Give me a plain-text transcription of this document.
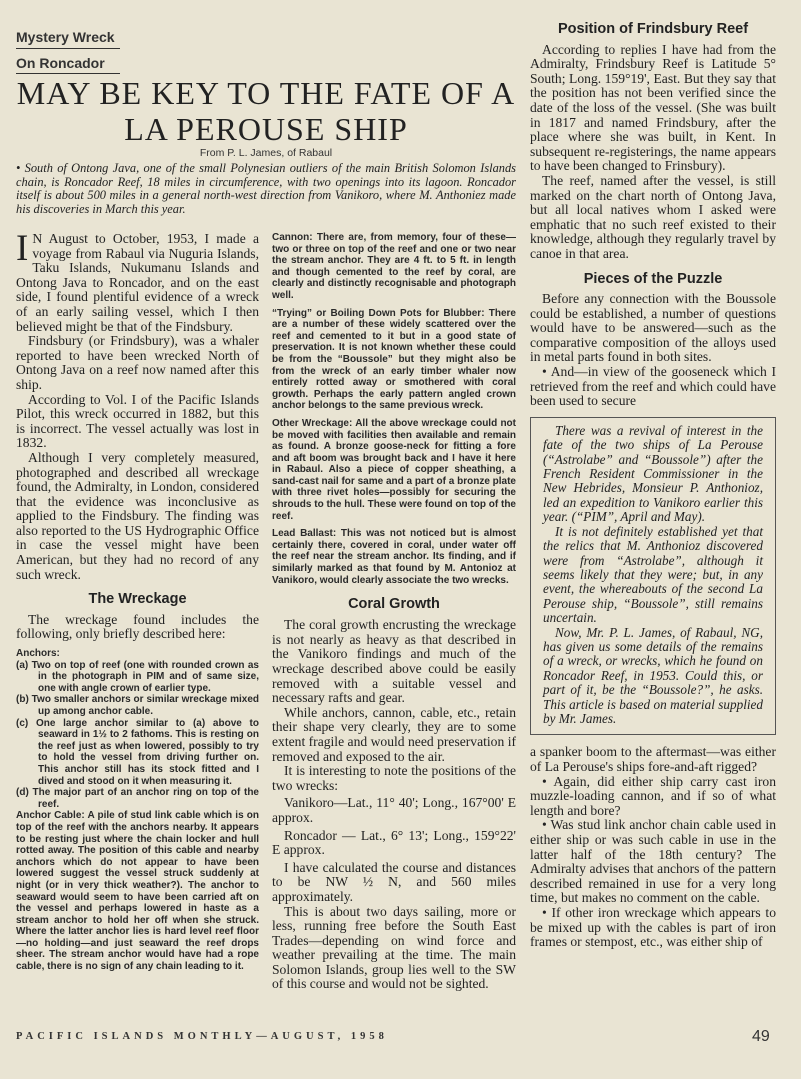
Mystery Wreck
On Roncador
MAY BE KEY TO THE FATE OF A LA PEROUSE SHIP
From P. L. James, of Rabaul

• South of Ontong Java, one of the small Polynesian outliers of the main British Solomon Islands chain, is Roncador Reef, 18 miles in circumference, with two openings into its lagoon. Roncador itself is about 500 miles in a general north-west direction from Vanikoro, where M. Anthoniez made his discoveries in March this year.

I N August to October, 1953, I made a voyage from Rabaul via Nuguria Islands, Taku Islands, Nukumanu Islands and Ontong Java to Roncador, and on the east side, I found plentiful evidence of a wreck of an early sailing vessel, which I then believed might be that of the Findsbury.

Findsbury (or Frindsbury), was a whaler reported to have been wrecked North of Ontong Java on a reef now named after this ship.

According to Vol. I of the Pacific Islands Pilot, this wreck occurred in 1882, but this is incorrect. The vessel actually was lost in 1832.

Although I very completely measured, photographed and described all wreckage found, the Admiralty, in London, considered that the evidence was inconclusive as applied to the Findsbury. The finding was also reported to the US Hydrographic Office in case the vessel might have been American, but they had no record of any such wreck.

The Wreckage

The wreckage found includes the following, only briefly described here:

Anchors:
(a) Two on top of reef (one with rounded crown as in the photograph in PIM and of same size, one with angle crown of earlier type.
(b) Two smaller anchors or similar wreckage mixed up among anchor cable.
(c) One large anchor similar to (a) above to seaward in 1½ to 2 fathoms. This is resting on the reef just as when lowered, possibly to try to hold the vessel from driving further on. This anchor still has its stock fitted and I dived and stood on it when measuring it.
(d) The major part of an anchor ring on top of the reef.
Anchor Cable: A pile of stud link cable which is on top of the reef with the anchors nearby. It appears to be resting just where the chain locker and hull rotted away. The position of this cable and nearby anchors which do not appear to have been lowered suggest the vessel struck suddenly at night (or in very thick weather?). The anchor to seaward would seem to have been carried aft on the vessel and perhaps lowered in haste as a stream anchor to hold her off when she struck. Where the latter anchor lies is hard level reef floor—no holding—and just seaward the reef drops sheer. The stream anchor would have had a rope cable, there is no sign of any chain leading to it.
Cannon: There are, from memory, four of these—two or three on top of the reef and one or two near the stream anchor. They are 4 ft. to 5 ft. in length and though cemented to the reef by coral, are clearly and distinctly recognisable and photograph well.
“Trying” or Boiling Down Pots for Blubber: There are a number of these widely scattered over the reef and cemented to it but in a good state of preservation. It is not known whether these could be from the “Boussole” but they might also be from the wreck of an early timber whaler now entirely rotted away or smothered with coral growth. Perhaps the early pattern angled crown anchor belongs to the same previous wreck.
Other Wreckage: All the above wreckage could not be moved with facilities then available and remain as found. A bronze goose-neck for fitting a fore and aft boom was brought back and I have it here in Rabaul. Also a piece of copper sheathing, a sand-cast nail for same and a part of a bronze plate with three rivet holes—possibly for securing the shrouds to the hull. These were found on top of the reef.
Lead Ballast: This was not noticed but is almost certainly there, covered in coral, under water off the reef near the stream anchor. Its finding, and if similarly marked as that found by M. Antonioz at Vanikoro, would clearly associate the two wrecks.
Coral Growth

The coral growth encrusting the wreckage is not nearly as heavy as that described in the Vanikoro findings and much of the wreckage described above could be easily removed with a suitable vessel and necessary rafts and gear.

While anchors, cannon, cable, etc., retain their shape very clearly, they are to some extent fragile and would need preservation if removed and exposed to the air.

It is interesting to note the positions of the two wrecks:

Vanikoro—Lat., 11° 40'; Long., 167°00' E approx.

Roncador — Lat., 6° 13'; Long., 159°22' E approx.

I have calculated the course and distances to be NW ½ N, and 560 miles approximately.

This is about two days sailing, more or less, running free before the South East Trades—depending on wind force and weather prevailing at the time. The main Solomon Islands, group lies well to the SW of this course and would not be sighted.

Position of Frindsbury Reef

According to replies I have had from the Admiralty, Frindsbury Reef is Latitude 5° South; Long. 159°19', East. But they say that the position has not been verified since the date of the loss of the vessel. (She was built in 1817 and named Frindsbury, after the place where she was built, in Kent. In subsequent re-registerings, the name appears to have been changed to Frinsbury).

The reef, named after the vessel, is still marked on the chart north of Ontong Java, but all local natives whom I asked were emphatic that no such reef existed to their knowledge, although they regularly travel by canoe in that area.

Pieces of the Puzzle

Before any connection with the Boussole could be established, a number of questions would have to be answered—such as the comparative composition of the alloys used in metal parts found in both sites.

• And—in view of the gooseneck which I retrieved from the reef and which could have been used to secure

There was a revival of interest in the fate of the two ships of La Perouse (“Astrolabe” and “Boussole”) after the French Resident Commissioner in the New Hebrides, Monsieur P. Anthonioz, led an expedition to Vanikoro earlier this year. (“PIM”, April and May).

It is not definitely established yet that the relics that M. Anthonioz discovered were from “Astrolabe”, although it seems likely that they were; but, in any event, the whereabouts of the second La Perouse ship, “Boussole”, still remains uncertain.

Now, Mr. P. L. James, of Rabaul, NG, has given us some details of the remains of a wreck, or wrecks, which he found on Roncador Reef, in 1953. Could this, or part of it, be the “Boussole?”, he asks. This article is based on material supplied by Mr. James.

a spanker boom to the aftermast—was either of La Perouse's ships fore-and-aft rigged?

• Again, did either ship carry cast iron muzzle-loading cannon, and if so of what length and bore?

• Was stud link anchor chain cable used in either ship or was such cable in use in the latter half of the 18th century? The Admiralty advises that anchors of the pattern described remained in use for a very long time, but makes no comment on the cable.

• If other iron wreckage which appears to be mixed up with the cables is part of iron frames or stempost, etc., was either ship of

PACIFIC ISLANDS MONTHLY—AUGUST, 1958	49
